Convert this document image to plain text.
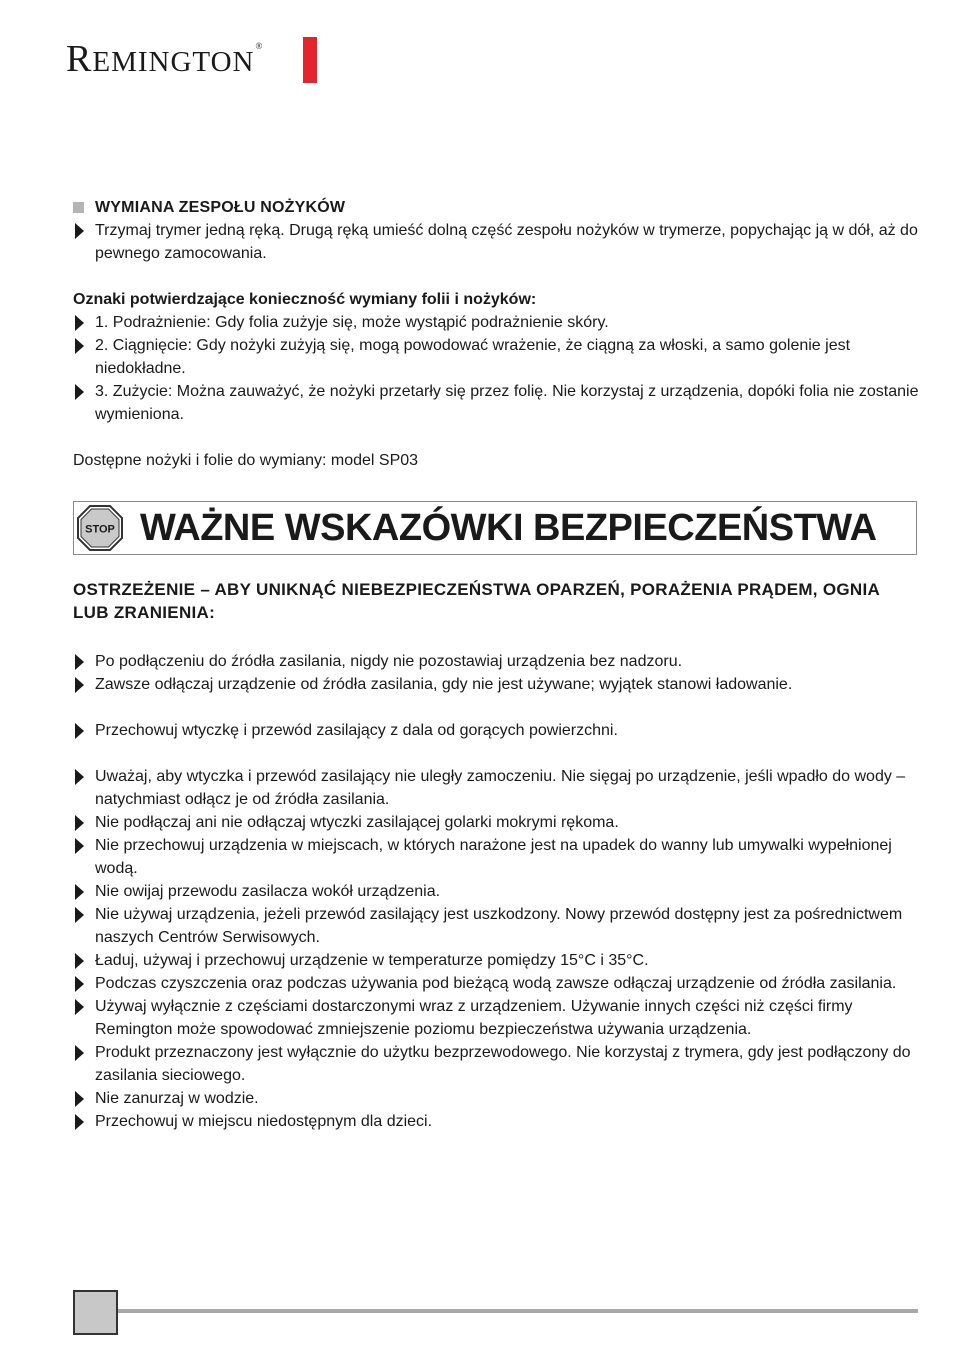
REMINGTON®
WYMIANA ZESPOŁU NOŻYKÓW
Trzymaj trymer jedną ręką. Drugą ręką umieść dolną część zespołu nożyków w trymerze, popychając ją w dół, aż do pewnego zamocowania.
Oznaki potwierdzające konieczność wymiany folii i nożyków:
1. Podrażnienie: Gdy folia zużyje się, może wystąpić podrażnienie skóry.
2. Ciągnięcie: Gdy nożyki zużyją się, mogą powodować wrażenie, że ciągną za włoski, a samo golenie jest niedokładne.
3. Zużycie: Można zauważyć, że nożyki przetarły się przez folię. Nie korzystaj z urządzenia, dopóki folia nie zostanie wymieniona.
Dostępne nożyki i folie do wymiany: model SP03
STOP WAŻNE WSKAZÓWKI BEZPIECZEŃSTWA
OSTRZEŻENIE – ABY UNIKNĄĆ NIEBEZPIECZEŃSTWA OPARZEŃ, PORAŻENIA PRĄDEM, OGNIA LUB ZRANIENIA:
Po podłączeniu do źródła zasilania, nigdy nie pozostawiaj urządzenia bez nadzoru.
Zawsze odłączaj urządzenie od źródła zasilania, gdy nie jest używane; wyjątek stanowi ładowanie.
Przechowuj wtyczkę i przewód zasilający z dala od gorących powierzchni.
Uważaj, aby wtyczka i przewód zasilający nie uległy zamoczeniu. Nie sięgaj po urządzenie, jeśli wpadło do wody – natychmiast odłącz je od źródła zasilania.
Nie podłączaj ani nie odłączaj wtyczki zasilającej golarki mokrymi rękoma.
Nie przechowuj urządzenia w miejscach, w których narażone jest na upadek do wanny lub umywalki wypełnionej wodą.
Nie owijaj przewodu zasilacza wokół urządzenia.
Nie używaj urządzenia, jeżeli przewód zasilający jest uszkodzony. Nowy przewód dostępny jest za pośrednictwem naszych Centrów Serwisowych.
Ładuj, używaj i przechowuj urządzenie w temperaturze pomiędzy 15°C i 35°C.
Podczas czyszczenia oraz podczas używania pod bieżącą wodą zawsze odłączaj urządzenie od źródła zasilania.
Używaj wyłącznie z częściami dostarczonymi wraz z urządzeniem. Używanie innych części niż części firmy Remington może spowodować zmniejszenie poziomu bezpieczeństwa używania urządzenia.
Produkt przeznaczony jest wyłącznie do użytku bezprzewodowego. Nie korzystaj z trymera, gdy jest podłączony do zasilania sieciowego.
Nie zanurzaj w wodzie.
Przechowuj w miejscu niedostępnym dla dzieci.
